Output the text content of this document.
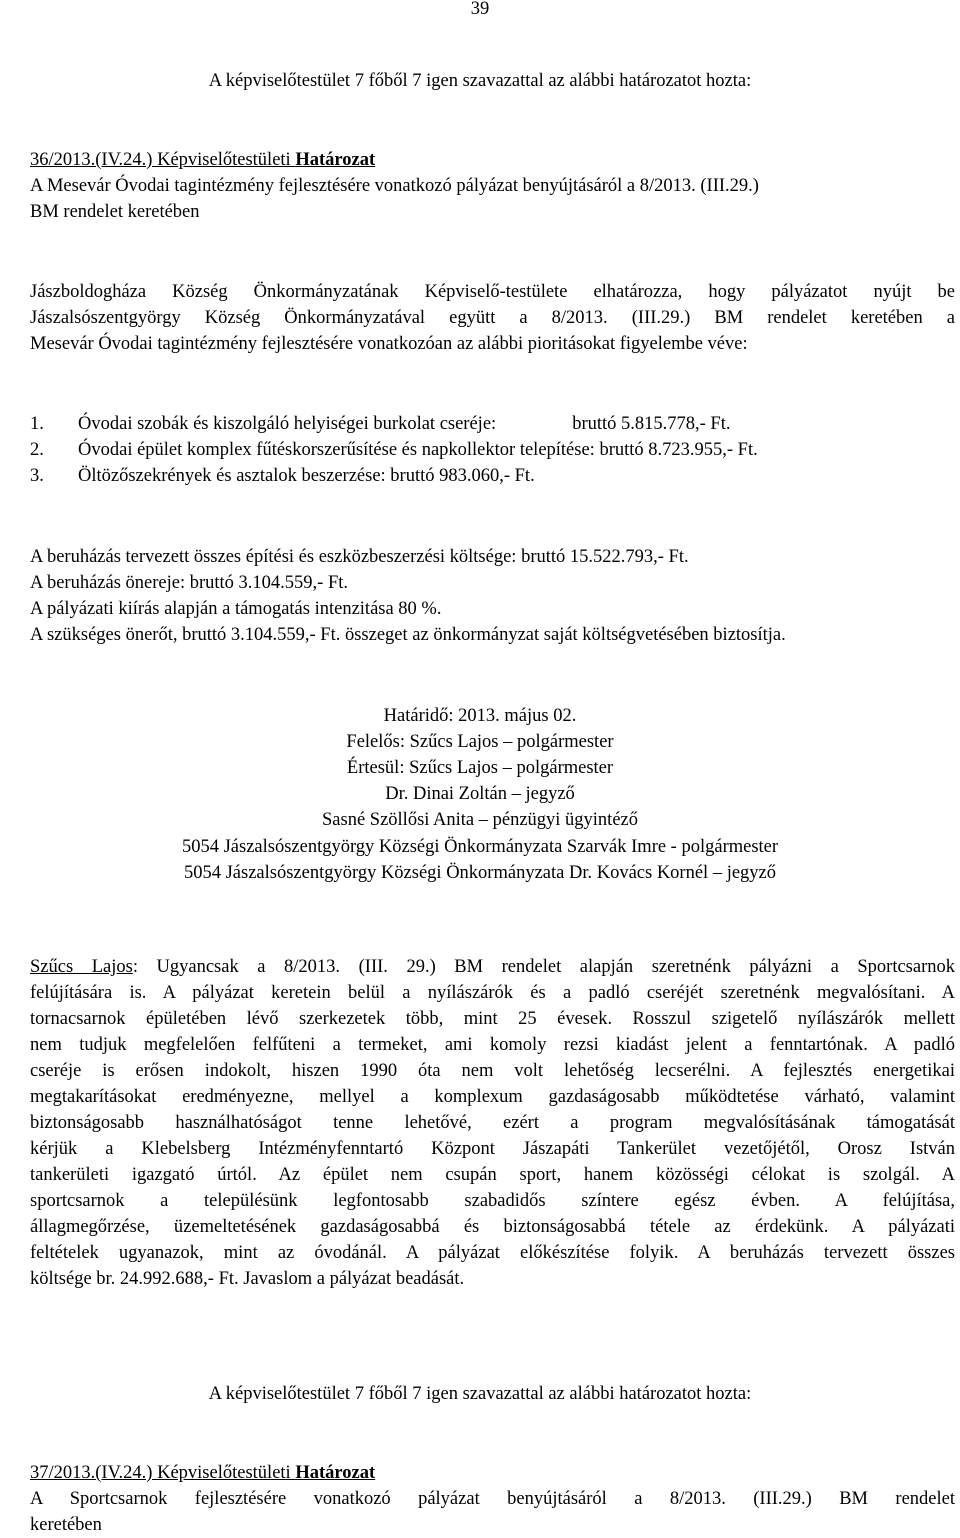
39
A képviselőtestület 7 főből 7 igen szavazattal az alábbi határozatot hozta:
36/2013.(IV.24.) Képviselőtestületi Határozat
A Mesevár Óvodai tagintézmény fejlesztésére vonatkozó pályázat benyújtásáról a 8/2013. (III.29.)
BM rendelet keretében
Jászboldogháza Község Önkormányzatának Képviselő-testülete elhatározza, hogy pályázatot nyújt be
Jászalsószentgyörgy Község Önkormányzatával együtt a 8/2013. (III.29.) BM rendelet keretében a
Mesevár Óvodai tagintézmény fejlesztésére vonatkozóan az alábbi pioritásokat figyelembe véve:
1. Óvodai szobák és kiszolgáló helyiségei burkolat cseréje:	bruttó 5.815.778,- Ft.
2. Óvodai épület komplex fűtéskorszerűsítése és napkollektor telepítése: bruttó 8.723.955,- Ft.
3. Öltözőszekrények és asztalok beszerzése: bruttó 983.060,- Ft.
A beruházás tervezett összes építési és eszközbeszerzési költsége: bruttó 15.522.793,- Ft.
A beruházás önereje: bruttó 3.104.559,- Ft.
A pályázati kiírás alapján a támogatás intenzitása 80 %.
A szükséges önerőt, bruttó 3.104.559,- Ft. összeget az önkormányzat saját költségvetésében biztosítja.
Határidő: 2013. május 02.
Felelős: Szűcs Lajos – polgármester
Értesül: Szűcs Lajos – polgármester
Dr. Dinai Zoltán – jegyző
Sasné Szöllősi Anita – pénzügyi ügyintéző
5054 Jászalsószentgyörgy Községi Önkormányzata Szarvák Imre - polgármester
5054 Jászalsószentgyörgy Községi Önkormányzata Dr. Kovács Kornél – jegyző
Szűcs Lajos: Ugyancsak a 8/2013. (III. 29.) BM rendelet alapján szeretnénk pályázni a Sportcsarnok
felújítására is. A pályázat keretein belül a nyílászárók és a padló cseréjét szeretnénk megvalósítani. A
tornacsarnok épületében lévő szerkezetek több, mint 25 évesek. Rosszul szigetelő nyílászárók mellett
nem tudjuk megfelelően felfűteni a termeket, ami komoly rezsi kiadást jelent a fenntartónak. A padló
cseréje is erősen indokolt, hiszen 1990 óta nem volt lehetőség lecserélni. A fejlesztés energetikai
megtakarításokat eredményezne, mellyel a komplexum gazdaságosabb működtetése várható, valamint
biztonságosabb használhatóságot tenne lehetővé, ezért a program megvalósításának támogatását
kérjük a Klebelsberg Intézményfenntartó Központ Jászapáti Tankerület vezetőjétől, Orosz István
tankerületi igazgató úrtól. Az épület nem csupán sport, hanem közösségi célokat is szolgál. A
sportcsarnok a településünk legfontosabb szabadidős színtere egész évben. A felújítása,
állagmegőrzése, üzemeltetésének gazdaságosabbá és biztonságosabbá tétele az érdekünk. A pályázati
feltételek ugyanazok, mint az óvodánál. A pályázat előkészítése folyik. A beruházás tervezett összes
költsége br. 24.992.688,- Ft. Javaslom a pályázat beadását.
A képviselőtestület 7 főből 7 igen szavazattal az alábbi határozatot hozta:
37/2013.(IV.24.) Képviselőtestületi Határozat
A Sportcsarnok fejlesztésére vonatkozó pályázat benyújtásáról a 8/2013. (III.29.) BM rendelet
keretében
